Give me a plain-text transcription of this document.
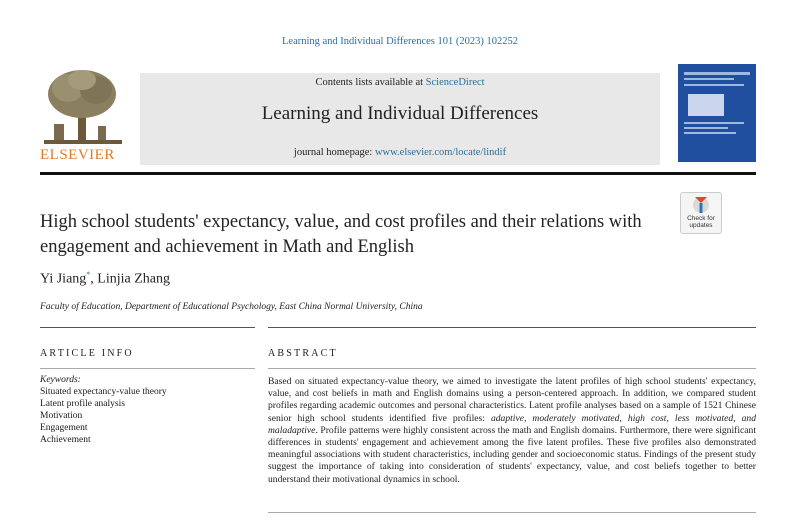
Learning and Individual Differences 101 (2023) 102252
ELSEVIER
Contents lists available at ScienceDirect
Learning and Individual Differences
journal homepage: www.elsevier.com/locate/lindif
High school students' expectancy, value, and cost profiles and their relations with engagement and achievement in Math and English
Check for
updates
Yi Jiang*, Linjia Zhang
Faculty of Education, Department of Educational Psychology, East China Normal University, China
ARTICLE INFO	ABSTRACT
Keywords:
Situated expectancy-value theory
Latent profile analysis
Motivation
Engagement
Achievement
Based on situated expectancy-value theory, we aimed to investigate the latent profiles of high school students' expectancy, value, and cost beliefs in math and English domains using a person-centered approach. In addition, we compared student profiles regarding academic outcomes and personal characteristics. Latent profile analyses based on a sample of 1521 Chinese senior high school students identified five profiles: adaptive, moderately motivated, high cost, less motivated, and maladaptive. Profile patterns were highly consistent across the math and English domains. Furthermore, there were significant differences in students' engagement and achievement among the five latent profiles. These five profiles also demonstrated meaningful associations with student characteristics, including gender and socioeconomic status. Findings of the present study suggest the importance of taking into consideration of students' expectancy, value, and cost beliefs together to better understand their motivational dynamics in school.
